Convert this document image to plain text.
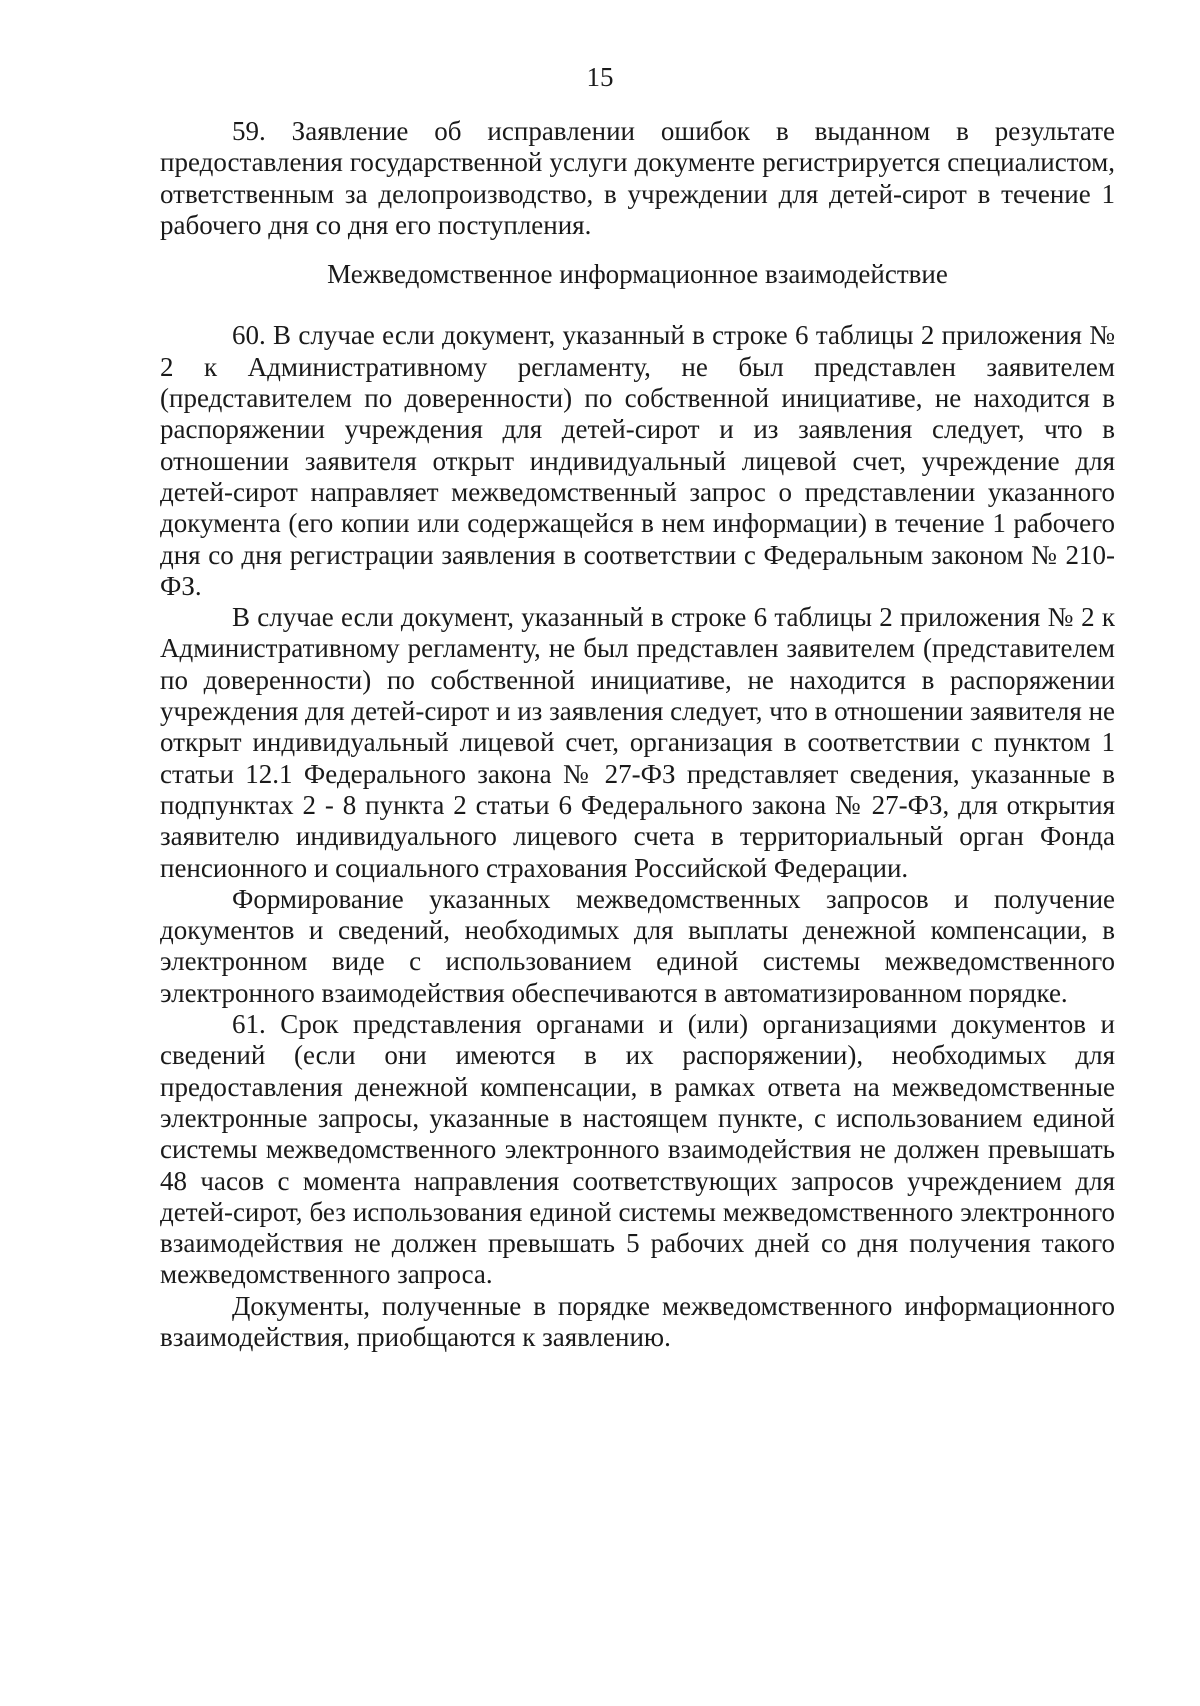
15

59. Заявление об исправлении ошибок в выданном в результате предоставления государственной услуги документе регистрируется специалистом, ответственным за делопроизводство, в учреждении для детей-сирот в течение 1 рабочего дня со дня его поступления.

Межведомственное информационное взаимодействие

60. В случае если документ, указанный в строке 6 таблицы 2 приложения № 2 к Административному регламенту, не был представлен заявителем (представителем по доверенности) по собственной инициативе, не находится в распоряжении учреждения для детей-сирот и из заявления следует, что в отношении заявителя открыт индивидуальный лицевой счет, учреждение для детей-сирот направляет межведомственный запрос о представлении указанного документа (его копии или содержащейся в нем информации) в течение 1 рабочего дня со дня регистрации заявления в соответствии с Федеральным законом № 210-ФЗ.

В случае если документ, указанный в строке 6 таблицы 2 приложения № 2 к Административному регламенту, не был представлен заявителем (представителем по доверенности) по собственной инициативе, не находится в распоряжении учреждения для детей-сирот и из заявления следует, что в отношении заявителя не открыт индивидуальный лицевой счет, организация в соответствии с пунктом 1 статьи 12.1 Федерального закона № 27-ФЗ представляет сведения, указанные в подпунктах 2 - 8 пункта 2 статьи 6 Федерального закона № 27-ФЗ, для открытия заявителю индивидуального лицевого счета в территориальный орган Фонда пенсионного и социального страхования Российской Федерации.

Формирование указанных межведомственных запросов и получение документов и сведений, необходимых для выплаты денежной компенсации, в электронном виде с использованием единой системы межведомственного электронного взаимодействия обеспечиваются в автоматизированном порядке.

61. Срок представления органами и (или) организациями документов и сведений (если они имеются в их распоряжении), необходимых для предоставления денежной компенсации, в рамках ответа на межведомственные электронные запросы, указанные в настоящем пункте, с использованием единой системы межведомственного электронного взаимодействия не должен превышать 48 часов с момента направления соответствующих запросов учреждением для детей-сирот, без использования единой системы межведомственного электронного взаимодействия не должен превышать 5 рабочих дней со дня получения такого межведомственного запроса.

Документы, полученные в порядке межведомственного информационного взаимодействия, приобщаются к заявлению.
